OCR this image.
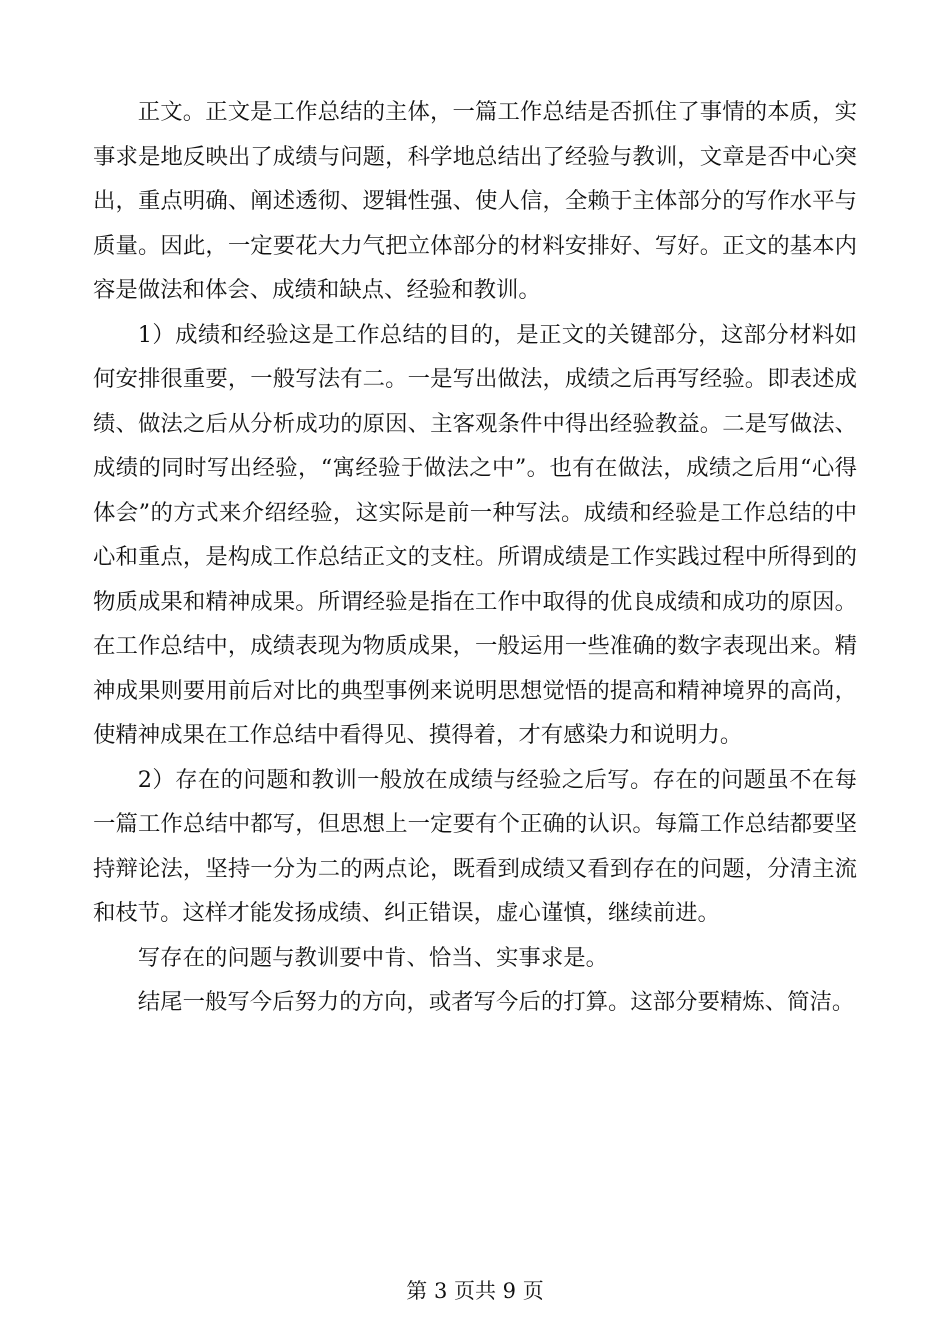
正文。正文是工作总结的主体，一篇工作总结是否抓住了事情的本质，实事求是地反映出了成绩与问题，科学地总结出了经验与教训，文章是否中心突出，重点明确、阐述透彻、逻辑性强、使人信，全赖于主体部分的写作水平与质量。因此，一定要花大力气把立体部分的材料安排好、写好。正文的基本内容是做法和体会、成绩和缺点、经验和教训。

1）成绩和经验这是工作总结的目的，是正文的关键部分，这部分材料如何安排很重要，一般写法有二。一是写出做法，成绩之后再写经验。即表述成绩、做法之后从分析成功的原因、主客观条件中得出经验教益。二是写做法、成绩的同时写出经验，“寓经验于做法之中”。也有在做法，成绩之后用“心得体会”的方式来介绍经验，这实际是前一种写法。成绩和经验是工作总结的中心和重点，是构成工作总结正文的支柱。所谓成绩是工作实践过程中所得到的物质成果和精神成果。所谓经验是指在工作中取得的优良成绩和成功的原因。在工作总结中，成绩表现为物质成果，一般运用一些准确的数字表现出来。精神成果则要用前后对比的典型事例来说明思想觉悟的提高和精神境界的高尚，使精神成果在工作总结中看得见、摸得着，才有感染力和说明力。

2）存在的问题和教训一般放在成绩与经验之后写。存在的问题虽不在每一篇工作总结中都写，但思想上一定要有个正确的认识。每篇工作总结都要坚持辩论法，坚持一分为二的两点论，既看到成绩又看到存在的问题，分清主流和枝节。这样才能发扬成绩、纠正错误，虚心谨慎，继续前进。

写存在的问题与教训要中肯、恰当、实事求是。

结尾一般写今后努力的方向，或者写今后的打算。这部分要精炼、简洁。

第 3 页共 9 页
